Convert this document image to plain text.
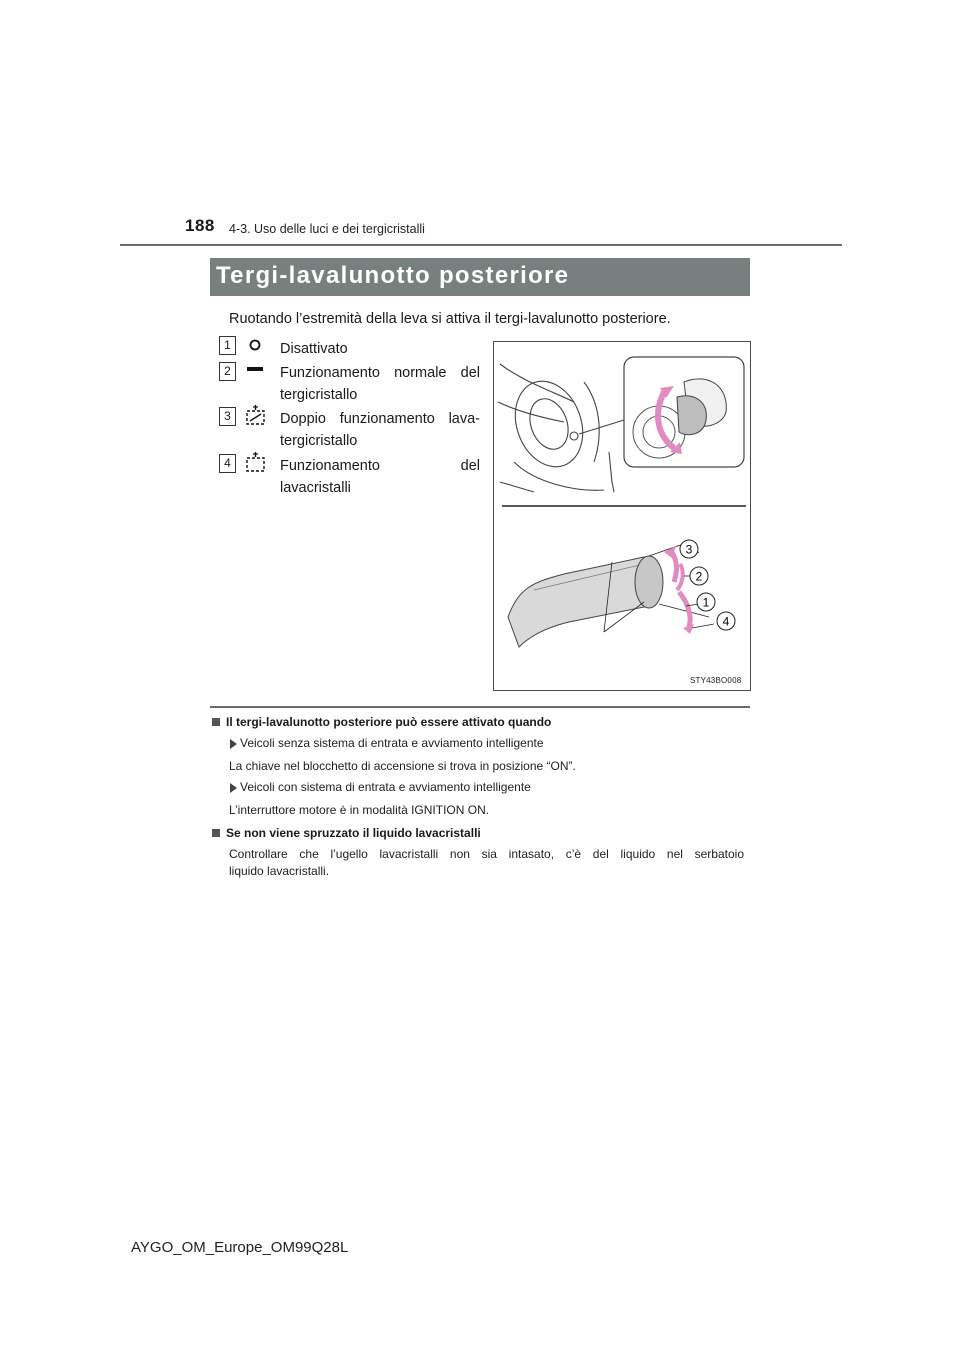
188 4-3. Uso delle luci e dei tergicristalli
Tergi-lavalunotto posteriore
Ruotando l’estremità della leva si attiva il tergi-lavalunotto posteriore.
1	Disattivato
2	Funzionamento normale del
tergicristallo
3	Doppio funzionamento lava-
tergicristallo
4	Funzionamento del
lavacristalli
3
2
1
4
STY43BO008
Il tergi-lavalunotto posteriore può essere attivato quando
Veicoli senza sistema di entrata e avviamento intelligente
La chiave nel blocchetto di accensione si trova in posizione “ON”.
Veicoli con sistema di entrata e avviamento intelligente
L’interruttore motore è in modalità IGNITION ON.
Se non viene spruzzato il liquido lavacristalli
Controllare che l’ugello lavacristalli non sia intasato, c’è del liquido nel serbatoio
liquido lavacristalli.
AYGO_OM_Europe_OM99Q28L
